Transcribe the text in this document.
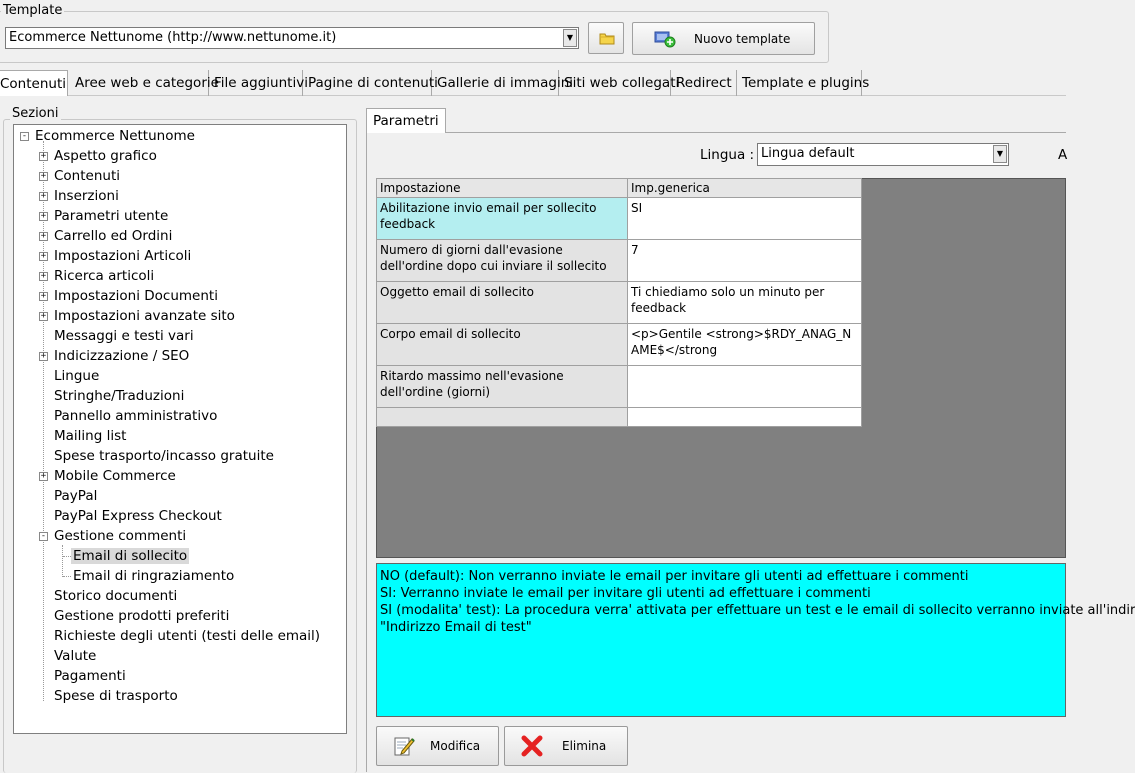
Template
Ecommerce Nettunome (http://www.nettunome.it)	▼	Nuovo template
Contenuti Aree web e categorie
File aggiuntivi Pagine di contenuti Gallerie di immagini
Siti web collegati
Redirect Template e plugins
Sezioni
- Ecommerce Nettunome
+ Aspetto grafico
+ Contenuti
+ Inserzioni
+ Parametri utente
+ Carrello ed Ordini
+ Impostazioni Articoli
+ Ricerca articoli
+ Impostazioni Documenti
+ Impostazioni avanzate sito
Messaggi e testi vari
+ Indicizzazione / SEO
Lingue
Stringhe/Traduzioni
Pannello amministrativo
Mailing list
Spese trasporto/incasso gratuite
+ Mobile Commerce
PayPal
PayPal Express Checkout
- Gestione commenti
Email di sollecito
Email di ringraziamento
Storico documenti
Gestione prodotti preferiti
Richieste degli utenti (testi delle email)
Valute
Pagamenti
Spese di trasporto
Parametri
Lingua : Lingua default	▼	A
Impostazione	Imp.generica
Abilitazione invio email per sollecito feedback	SI
Numero di giorni dall'evasione dell'ordine dopo cui inviare il sollecito	7
Oggetto email di sollecito	Ti chiediamo solo un minuto per feedback
Corpo email di sollecito	<p>Gentile <strong>$RDY_ANAG_NAME$</strong
Ritardo massimo nell'evasione dell'ordine (giorni)	

NO (default): Non verranno inviate le email per invitare gli utenti ad effettuare i commenti
SI: Verranno inviate le email per invitare gli utenti ad effettuare i commenti
SI (modalita' test): La procedura verra' attivata per effettuare un test e le email di sollecito verranno inviate all'indir
"Indirizzo Email di test"
Modifica	Elimina
